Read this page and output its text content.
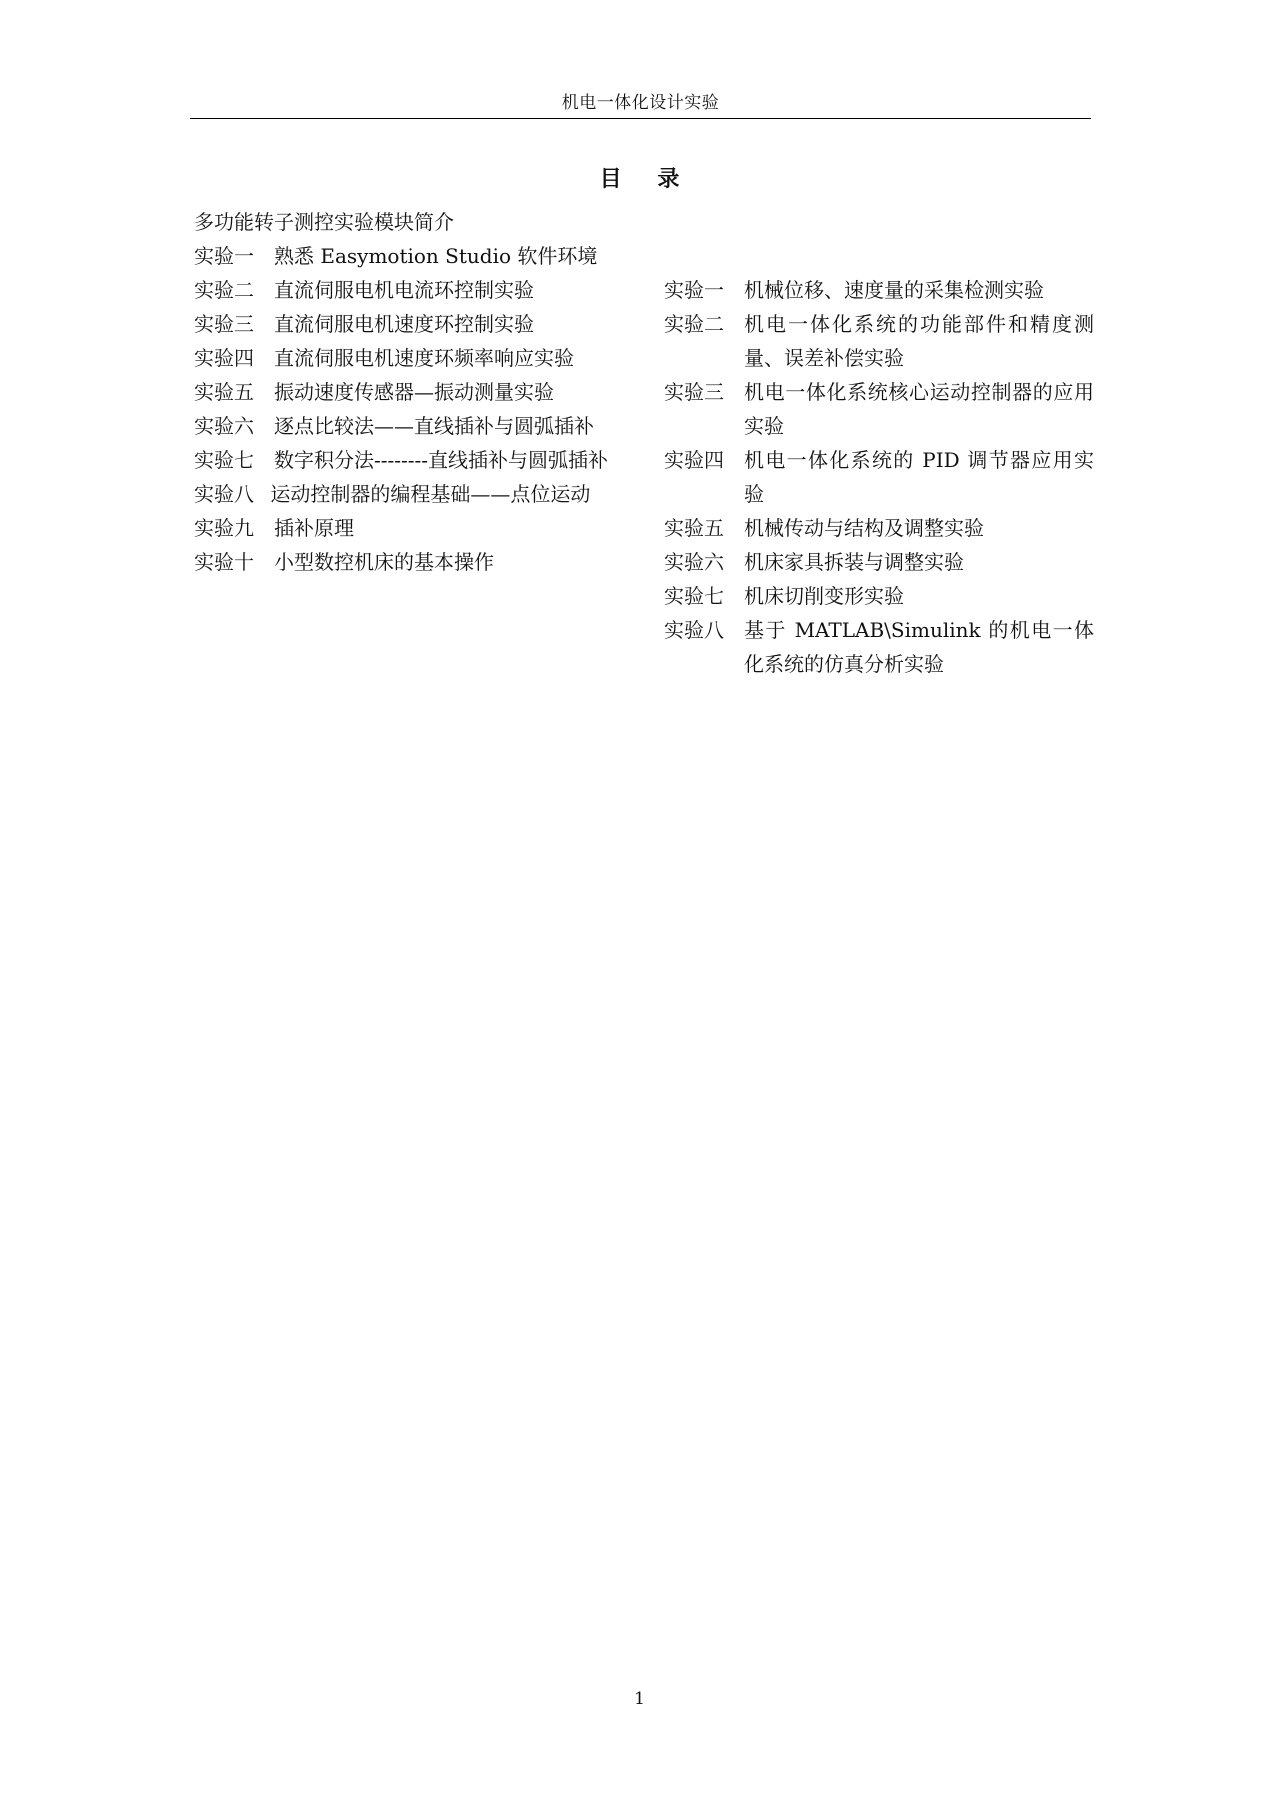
机电一体化设计实验
目 录
多功能转子测控实验模块简介
实验一	熟悉 Easymotion Studio 软件环境
实验二	直流伺服电机电流环控制实验
实验三	直流伺服电机速度环控制实验
实验四	直流伺服电机速度环频率响应实验
实验五	振动速度传感器—振动测量实验
实验六	逐点比较法——直线插补与圆弧插补
实验七	数字积分法--------直线插补与圆弧插补
实验八 运动控制器的编程基础——点位运动
实验九	插补原理
实验十	小型数控机床的基本操作
实验一	机械位移、速度量的采集检测实验
实验二	机电一体化系统的功能部件和精度测量、误差补偿实验
实验三	机电一体化系统核心运动控制器的应用实验
实验四	机电一体化系统的 PID 调节器应用实验
实验五	机械传动与结构及调整实验
实验六	机床家具拆装与调整实验
实验七	机床切削变形实验
实验八	基于 MATLAB\Simulink 的机电一体化系统的仿真分析实验
1
